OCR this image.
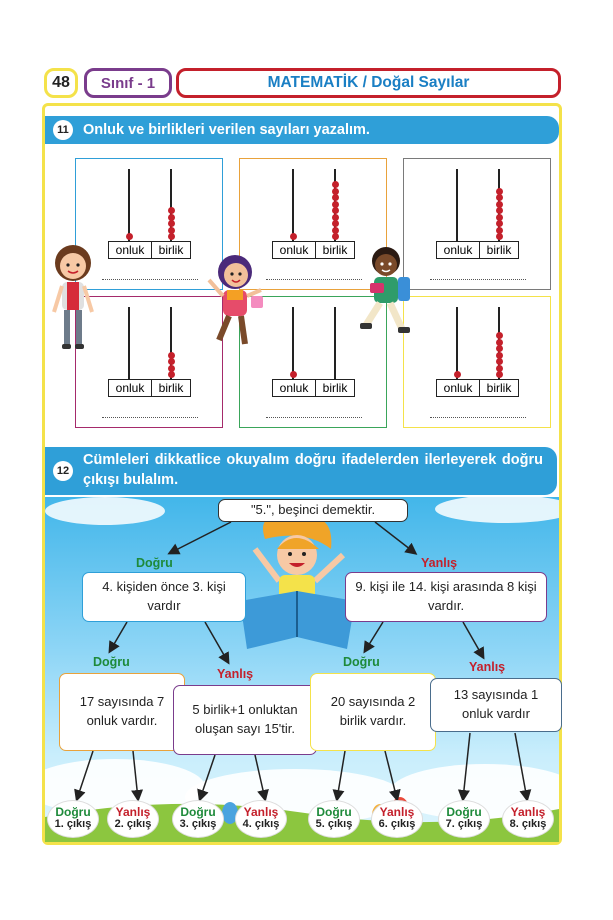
48 Sınıf - 1	MATEMATİK / Doğal Sayılar
11 Onluk ve birlikleri verilen sayıları yazalım.
onluk	birlik	onluk	birlik	onluk	birlik
onluk	birlik	onluk	birlik	onluk	birlik
12
Cümleleri dikkatlice okuyalım doğru ifadelerden ilerleyerek doğru çıkışı bulalım.
"5.", beşinci demektir.
Doğru	Yanlış
4. kişiden önce 3. kişi vardır
9. kişi ile 14. kişi arasında 8 kişi vardır.
Doğru
Yanlış
Doğru	Yanlış
17 sayısında 7 onluk vardır.
5 birlik+1 onluktan oluşan sayı 15'tir.
20 sayısında 2 birlik vardır.
13 sayısında 1 onluk vardır
Doğru
1. çıkış
Yanlış
2. çıkış
Doğru
3. çıkış
Yanlış
4. çıkış
Doğru
5. çıkış
Yanlış
6. çıkış
Doğru
7. çıkış
Yanlış
8. çıkış
